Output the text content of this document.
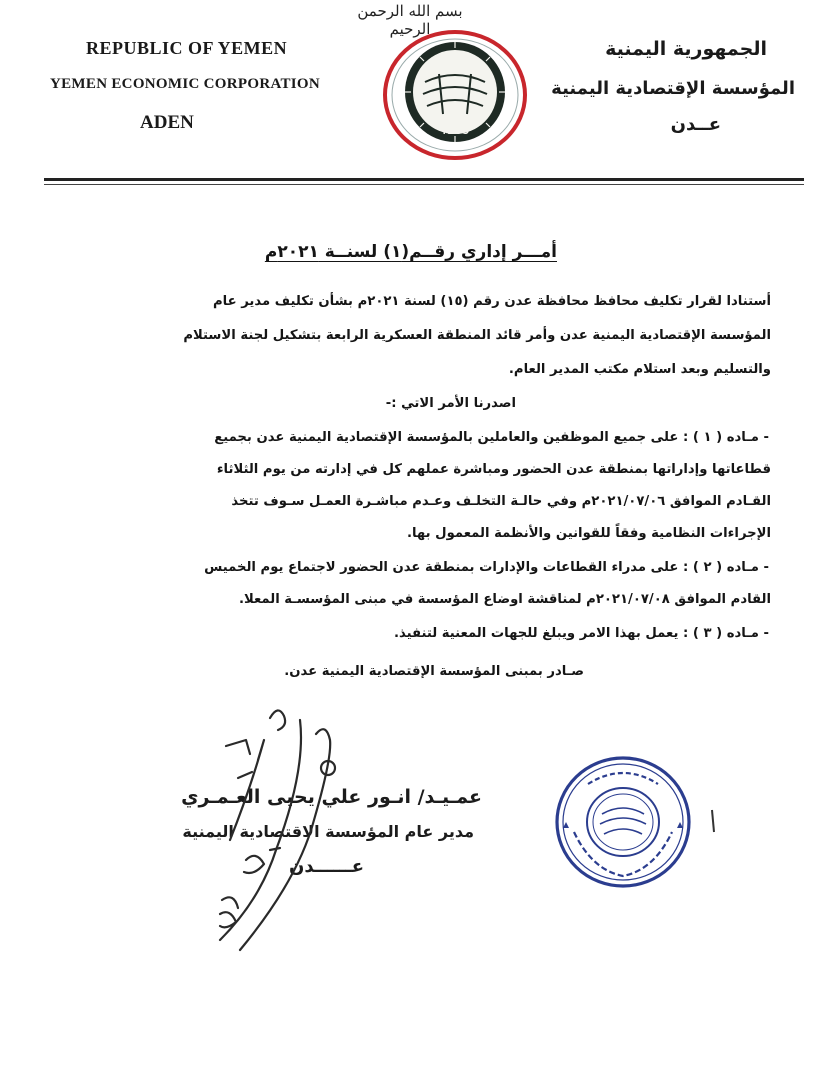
بسم الله الرحمن الرحيم
REPUBLIC OF YEMEN
YEMEN ECONOMIC CORPORATION
ADEN
الجمهورية اليمنية
المؤسسة الإقتصادية اليمنية
عــدن
YECO
أمـــر إداري رقــم(١) لسنــة ٢٠٢١م
أستنادا لقرار تكليف محافظ محافظة عدن رقم (١٥) لسنة ٢٠٢١م بشأن تكليف مدير عام
المؤسسة الإقتصادية اليمنية عدن وأمر قائد المنطقة العسكرية الرابعة بتشكيل لجنة الاستلام
والتسليم وبعد استلام مكتب المدير العام.
اصدرنا الأمر الاتي :-
- مـاده ( ١ ) : على جميع الموظفين والعاملين بالمؤسسة الإقتصادية اليمنية عدن بجميع
قطاعاتها وإداراتها بمنطقة عدن الحضور ومباشرة عملهم كل في إدارته من يوم الثلاثاء
القـادم الموافق ٢٠٢١/٠٧/٠٦م وفي حالـة التخلـف وعـدم مباشـرة العمـل سـوف تتخذ
الإجراءات النظامية وفقاً للقوانين والأنظمة المعمول بها.
- مـاده ( ٢ ) : على مدراء القطاعات والإدارات بمنطقة عدن الحضور لاجتماع يوم الخميس
القادم الموافق ٢٠٢١/٠٧/٠٨م لمناقشة اوضاع المؤسسة في مبنى المؤسسـة المعلا.
- مـاده ( ٣ ) : يعمل بهذا الامر ويبلغ للجهات المعنية لتنفيذ.
صـادر بمبنى المؤسسة الإقتصادية اليمنية عدن.
عمـيـد/ انـور علي يحيى العـمـري
مدير عام المؤسسة الاقتصادية اليمنية
عــــــدن
